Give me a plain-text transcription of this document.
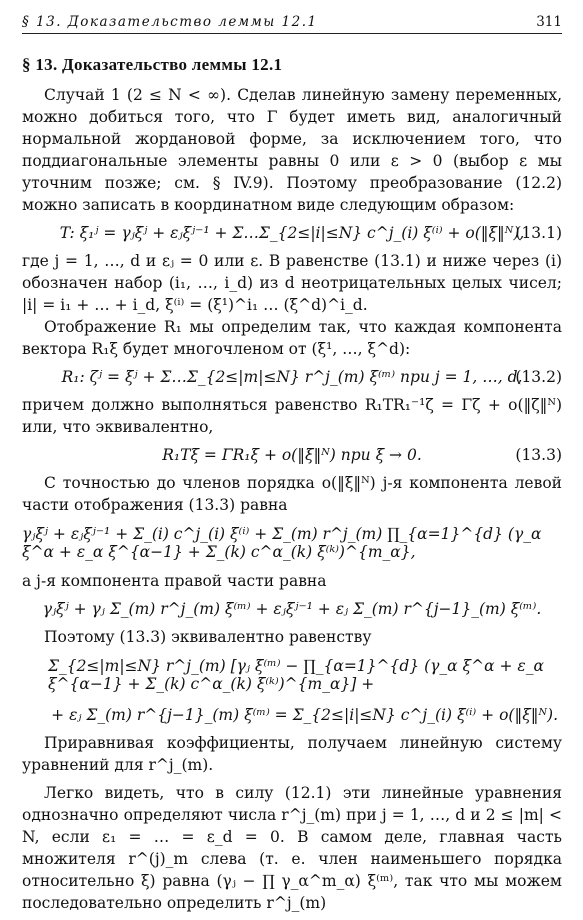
§ 13. Доказательство леммы 12.1	311
§ 13. Доказательство леммы 12.1

Случай 1 (2 ≤ N < ∞). Сделав линейную замену переменных, можно добиться того, что Γ будет иметь вид, аналогичный нормальной жордановой форме, за исключением того, что поддиагональные элементы равны 0 или ε > 0 (выбор ε мы уточним позже; см. § IV.9). Поэтому преобразование (12.2) можно записать в координатном виде следующим образом:

T: ξ₁ʲ = γⱼξʲ + εⱼξʲ⁻¹ + Σ…Σ_{2≤|i|≤N} c^j_(i) ξ⁽ⁱ⁾ + o(‖ξ‖ᴺ),
(13.1)

где j = 1, …, d и εⱼ = 0 или ε. В равенстве (13.1) и ниже через (i) обозначен набор (i₁, …, i_d) из d неотрицательных целых чисел; |i| = i₁ + … + i_d, ξ⁽ⁱ⁾ = (ξ¹)^i₁ … (ξ^d)^i_d.

Отображение R₁ мы определим так, что каждая компонента вектора R₁ξ будет многочленом от (ξ¹, …, ξ^d):

R₁: ζʲ = ξʲ + Σ…Σ_{2≤|m|≤N} r^j_(m) ξ⁽ᵐ⁾ при j = 1, …, d,
(13.2)

причем должно выполняться равенство R₁TR₁⁻¹ζ = Γζ + o(‖ζ‖ᴺ) или, что эквивалентно,

R₁Tξ = ΓR₁ξ + o(‖ξ‖ᴺ) при ξ → 0.	(13.3)

С точностью до членов порядка o(‖ξ‖ᴺ) j-я компонента левой части отображения (13.3) равна

γⱼξʲ + εⱼξʲ⁻¹ + Σ_(i) c^j_(i) ξ⁽ⁱ⁾ + Σ_(m) r^j_(m) ∏_{α=1}^{d} (γ_α ξ^α + ε_α ξ^{α−1} + Σ_(k) c^α_(k) ξ⁽ᵏ⁾)^{m_α},

а j-я компонента правой части равна

γⱼξʲ + γⱼ Σ_(m) r^j_(m) ξ⁽ᵐ⁾ + εⱼξʲ⁻¹ + εⱼ Σ_(m) r^{j−1}_(m) ξ⁽ᵐ⁾.

Поэтому (13.3) эквивалентно равенству

Σ_{2≤|m|≤N} r^j_(m) [γⱼ ξ⁽ᵐ⁾ − ∏_{α=1}^{d} (γ_α ξ^α + ε_α ξ^{α−1} + Σ_(k) c^α_(k) ξ⁽ᵏ⁾)^{m_α}] +
+ εⱼ Σ_(m) r^{j−1}_(m) ξ⁽ᵐ⁾ = Σ_{2≤|i|≤N} c^j_(i) ξ⁽ⁱ⁾ + o(‖ξ‖ᴺ).

Приравнивая коэффициенты, получаем линейную систему уравнений для r^j_(m).

Легко видеть, что в силу (12.1) эти линейные уравнения однозначно определяют числа r^j_(m) при j = 1, …, d и 2 ≤ |m| < N, если ε₁ = … = ε_d = 0. В самом деле, главная часть множителя r^(j)_m слева (т. е. член наименьшего порядка относительно ξ) равна (γⱼ − ∏ γ_α^m_α) ξ⁽ᵐ⁾, так что мы можем последовательно определить r^j_(m)
